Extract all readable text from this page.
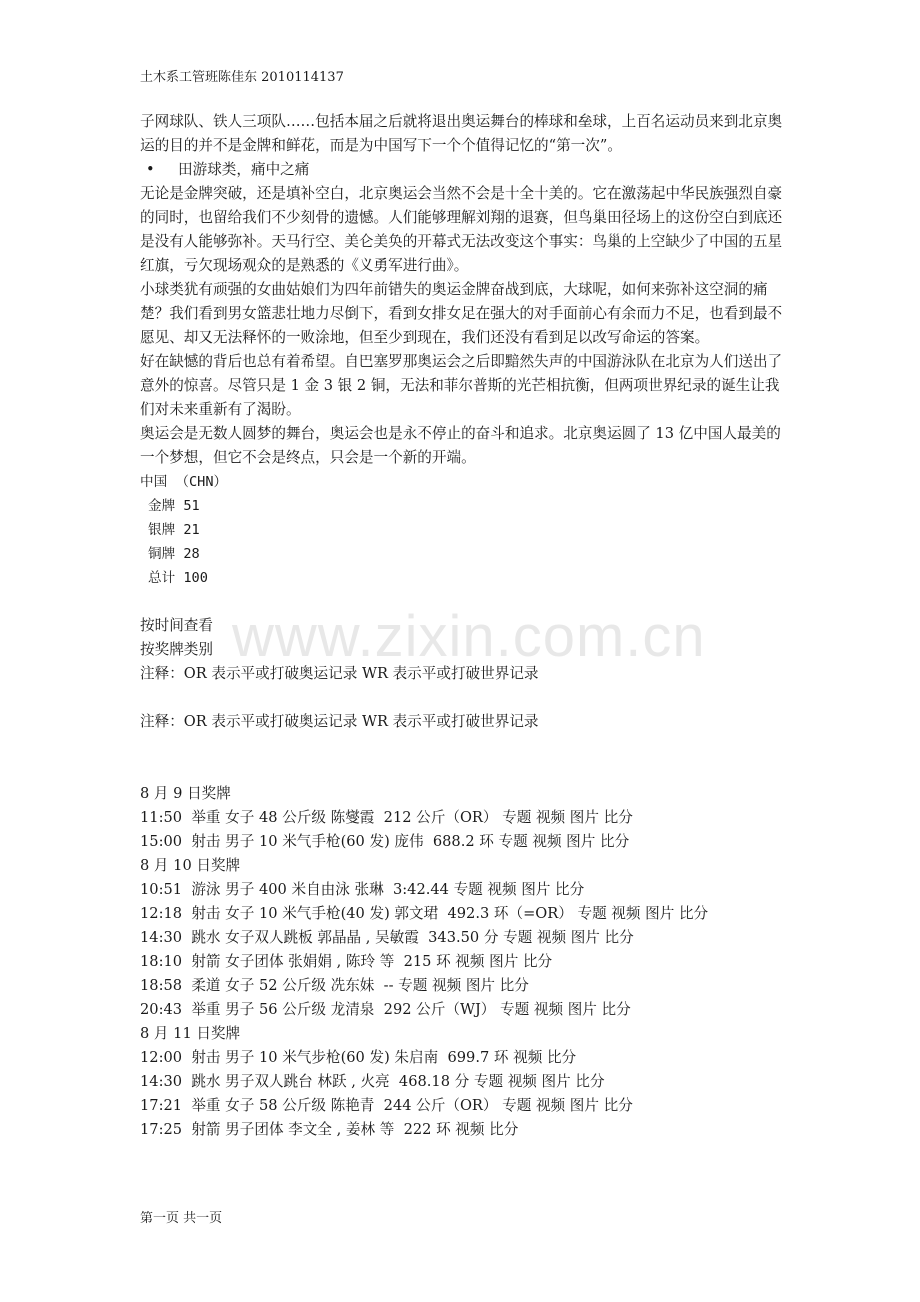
土木系工管班陈佳东 2010114137

子网球队、铁人三项队……包括本届之后就将退出奥运舞台的棒球和垒球，上百名运动员来到北京奥运的目的并不是金牌和鲜花，而是为中国写下一个个值得记忆的“第一次”。

•	田游球类，痛中之痛

无论是金牌突破，还是填补空白，北京奥运会当然不会是十全十美的。它在激荡起中华民族强烈自豪的同时，也留给我们不少刻骨的遗憾。人们能够理解刘翔的退赛，但鸟巢田径场上的这份空白到底还是没有人能够弥补。天马行空、美仑美奂的开幕式无法改变这个事实：鸟巢的上空缺少了中国的五星红旗，亏欠现场观众的是熟悉的《义勇军进行曲》。

小球类犹有顽强的女曲姑娘们为四年前错失的奥运金牌奋战到底，大球呢，如何来弥补这空洞的痛楚？我们看到男女篮悲壮地力尽倒下，看到女排女足在强大的对手面前心有余而力不足，也看到最不愿见、却又无法释怀的一败涂地，但至少到现在，我们还没有看到足以改写命运的答案。

好在缺憾的背后也总有着希望。自巴塞罗那奥运会之后即黯然失声的中国游泳队在北京为人们送出了意外的惊喜。尽管只是 1 金 3 银 2 铜，无法和菲尔普斯的光芒相抗衡，但两项世界纪录的诞生让我们对未来重新有了渴盼。

奥运会是无数人圆梦的舞台，奥运会也是永不停止的奋斗和追求。北京奥运圆了 13 亿中国人最美的一个梦想，但它不会是终点，只会是一个新的开端。

中国 （CHN）
金牌 51
银牌 21
铜牌 28
总计 100
按时间查看
按奖牌类别
注释：OR 表示平或打破奥运记录 WR 表示平或打破世界记录
注释：OR 表示平或打破奥运记录 WR 表示平或打破世界记录
8 月 9 日奖牌
11:50  举重 女子 48 公斤级 陈燮霞  212 公斤（OR） 专题 视频 图片 比分
15:00  射击 男子 10 米气手枪(60 发) 庞伟  688.2 环 专题 视频 图片 比分
8 月 10 日奖牌
10:51  游泳 男子 400 米自由泳 张琳  3:42.44 专题 视频 图片 比分
12:18  射击 女子 10 米气手枪(40 发) 郭文珺  492.3 环（=OR） 专题 视频 图片 比分
14:30  跳水 女子双人跳板 郭晶晶 , 吴敏霞  343.50 分 专题 视频 图片 比分
18:10  射箭 女子团体 张娟娟 , 陈玲 等  215 环 视频 图片 比分
18:58  柔道 女子 52 公斤级 冼东妹  -- 专题 视频 图片 比分
20:43  举重 男子 56 公斤级 龙清泉  292 公斤（WJ） 专题 视频 图片 比分
8 月 11 日奖牌
12:00  射击 男子 10 米气步枪(60 发) 朱启南  699.7 环 视频 比分
14:30  跳水 男子双人跳台 林跃 , 火亮  468.18 分 专题 视频 图片 比分
17:21  举重 女子 58 公斤级 陈艳青  244 公斤（OR） 专题 视频 图片 比分
17:25  射箭 男子团体 李文全 , 姜林 等  222 环 视频 比分
www.zixin.com.cn
第一页 共一页
